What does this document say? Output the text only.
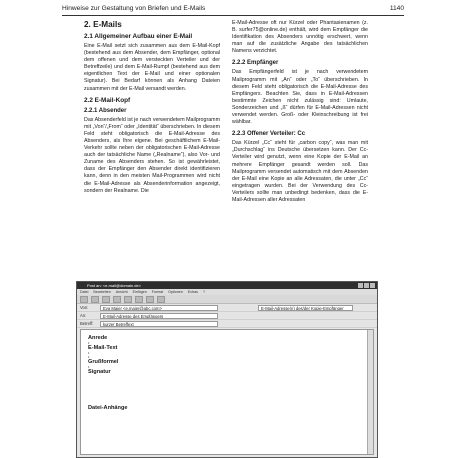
Hinweise zur Gestaltung von Briefen und E-Mails	1140
2. E-Mails
2.1 Allgemeiner Aufbau einer E-Mail

Eine E-Mail setzt sich zusammen aus dem E-Mail-Kopf (bestehend aus dem Absender, dem Empfänger, optional dem offenen und dem versteckten Verteiler und der Betreffzeile) und dem E-Mail-Rumpf (bestehend aus dem eigentlichen Text der E-Mail und einer optionalen Signatur). Bei Bedarf können als Anhang Dateien zusammen mit der E-Mail versandt werden.

2.2 E-Mail-Kopf
2.2.1 Absender

Das Absenderfeld ist je nach verwendetem Mailprogramm mit „Von“/„From“ oder „Identität“ überschrieben. In diesem Feld steht obligatorisch die E-Mail-Adresse des Absenders, als Ihre eigene. Bei geschäftlichem E-Mail-Verkehr sollte neben der obligatorischen E-Mail-Adresse auch der tatsächliche Name („Realname“), also Vor- und Zuname des Absenders stehen. So ist gewährleistet, dass der Empfänger den Absender direkt identifizieren kann, denn in den meisten Mail-Programmen wird nicht die E-Mail-Adresse als Absenderinformation angezeigt, sondern der Realname. Die

E-Mail-Adresse oft nur Kürzel oder Phantasienamen (z. B. surfer75@online.de) enthält, wird dem Empfänger die Identifikation des Absenders unnötig erschwert, wenn man auf die zusätzliche Angabe des tatsächlichen Namens verzichtet.

2.2.2 Empfänger

Das Empfängerfeld ist je nach verwendetem Mailprogramm mit „An“ oder „To“ überschrieben. In diesem Feld steht obligatorisch die E-Mail-Adresse des Empfängers. Beachten Sie, dass in E-Mail-Adressen bestimmte Zeichen nicht zulässig sind: Umlaute, Sonderzeichen und „ß“ dürfen für E-Mail-Adressen nicht verwendet werden. Groß- oder Kleinschreibung ist frei wählbar.

2.2.3 Offener Verteiler: Cc

Das Kürzel „Cc“ steht für „carbon copy“, was man mit „Durchschlag“ ins Deutsche übersetzen kann. Der Cc-Verteiler wird genutzt, wenn eine Kopie der E-Mail an mehrere Empfänger gesandt werden soll. Das Mailprogramm versendet automatisch mit dem Absenden der E-Mail eine Kopie an alle Adressaten, die unter „Cc“ eingetragen wurden. Bei der Verwendung des Cc-Verteilers sollte man unbedingt bedenken, dass die E-Mail-Adressen aller Adressaten

Post an: <e-mail@domain.de>
Datei Bearbeiten Ansicht Einfügen Format Optionen Extras ?
Von:	Eva Maier <e.maier@abc.com>	E-Mail-Adresse(n) des/der Kopie-Empfänger
An:	E-Mail-Adresse des Empfängers
Betreff:	kurzer Betreffext
Anrede
•
E-Mail-Text
•
•
Grußformel
•
Signatur
Datei-Anhänge
